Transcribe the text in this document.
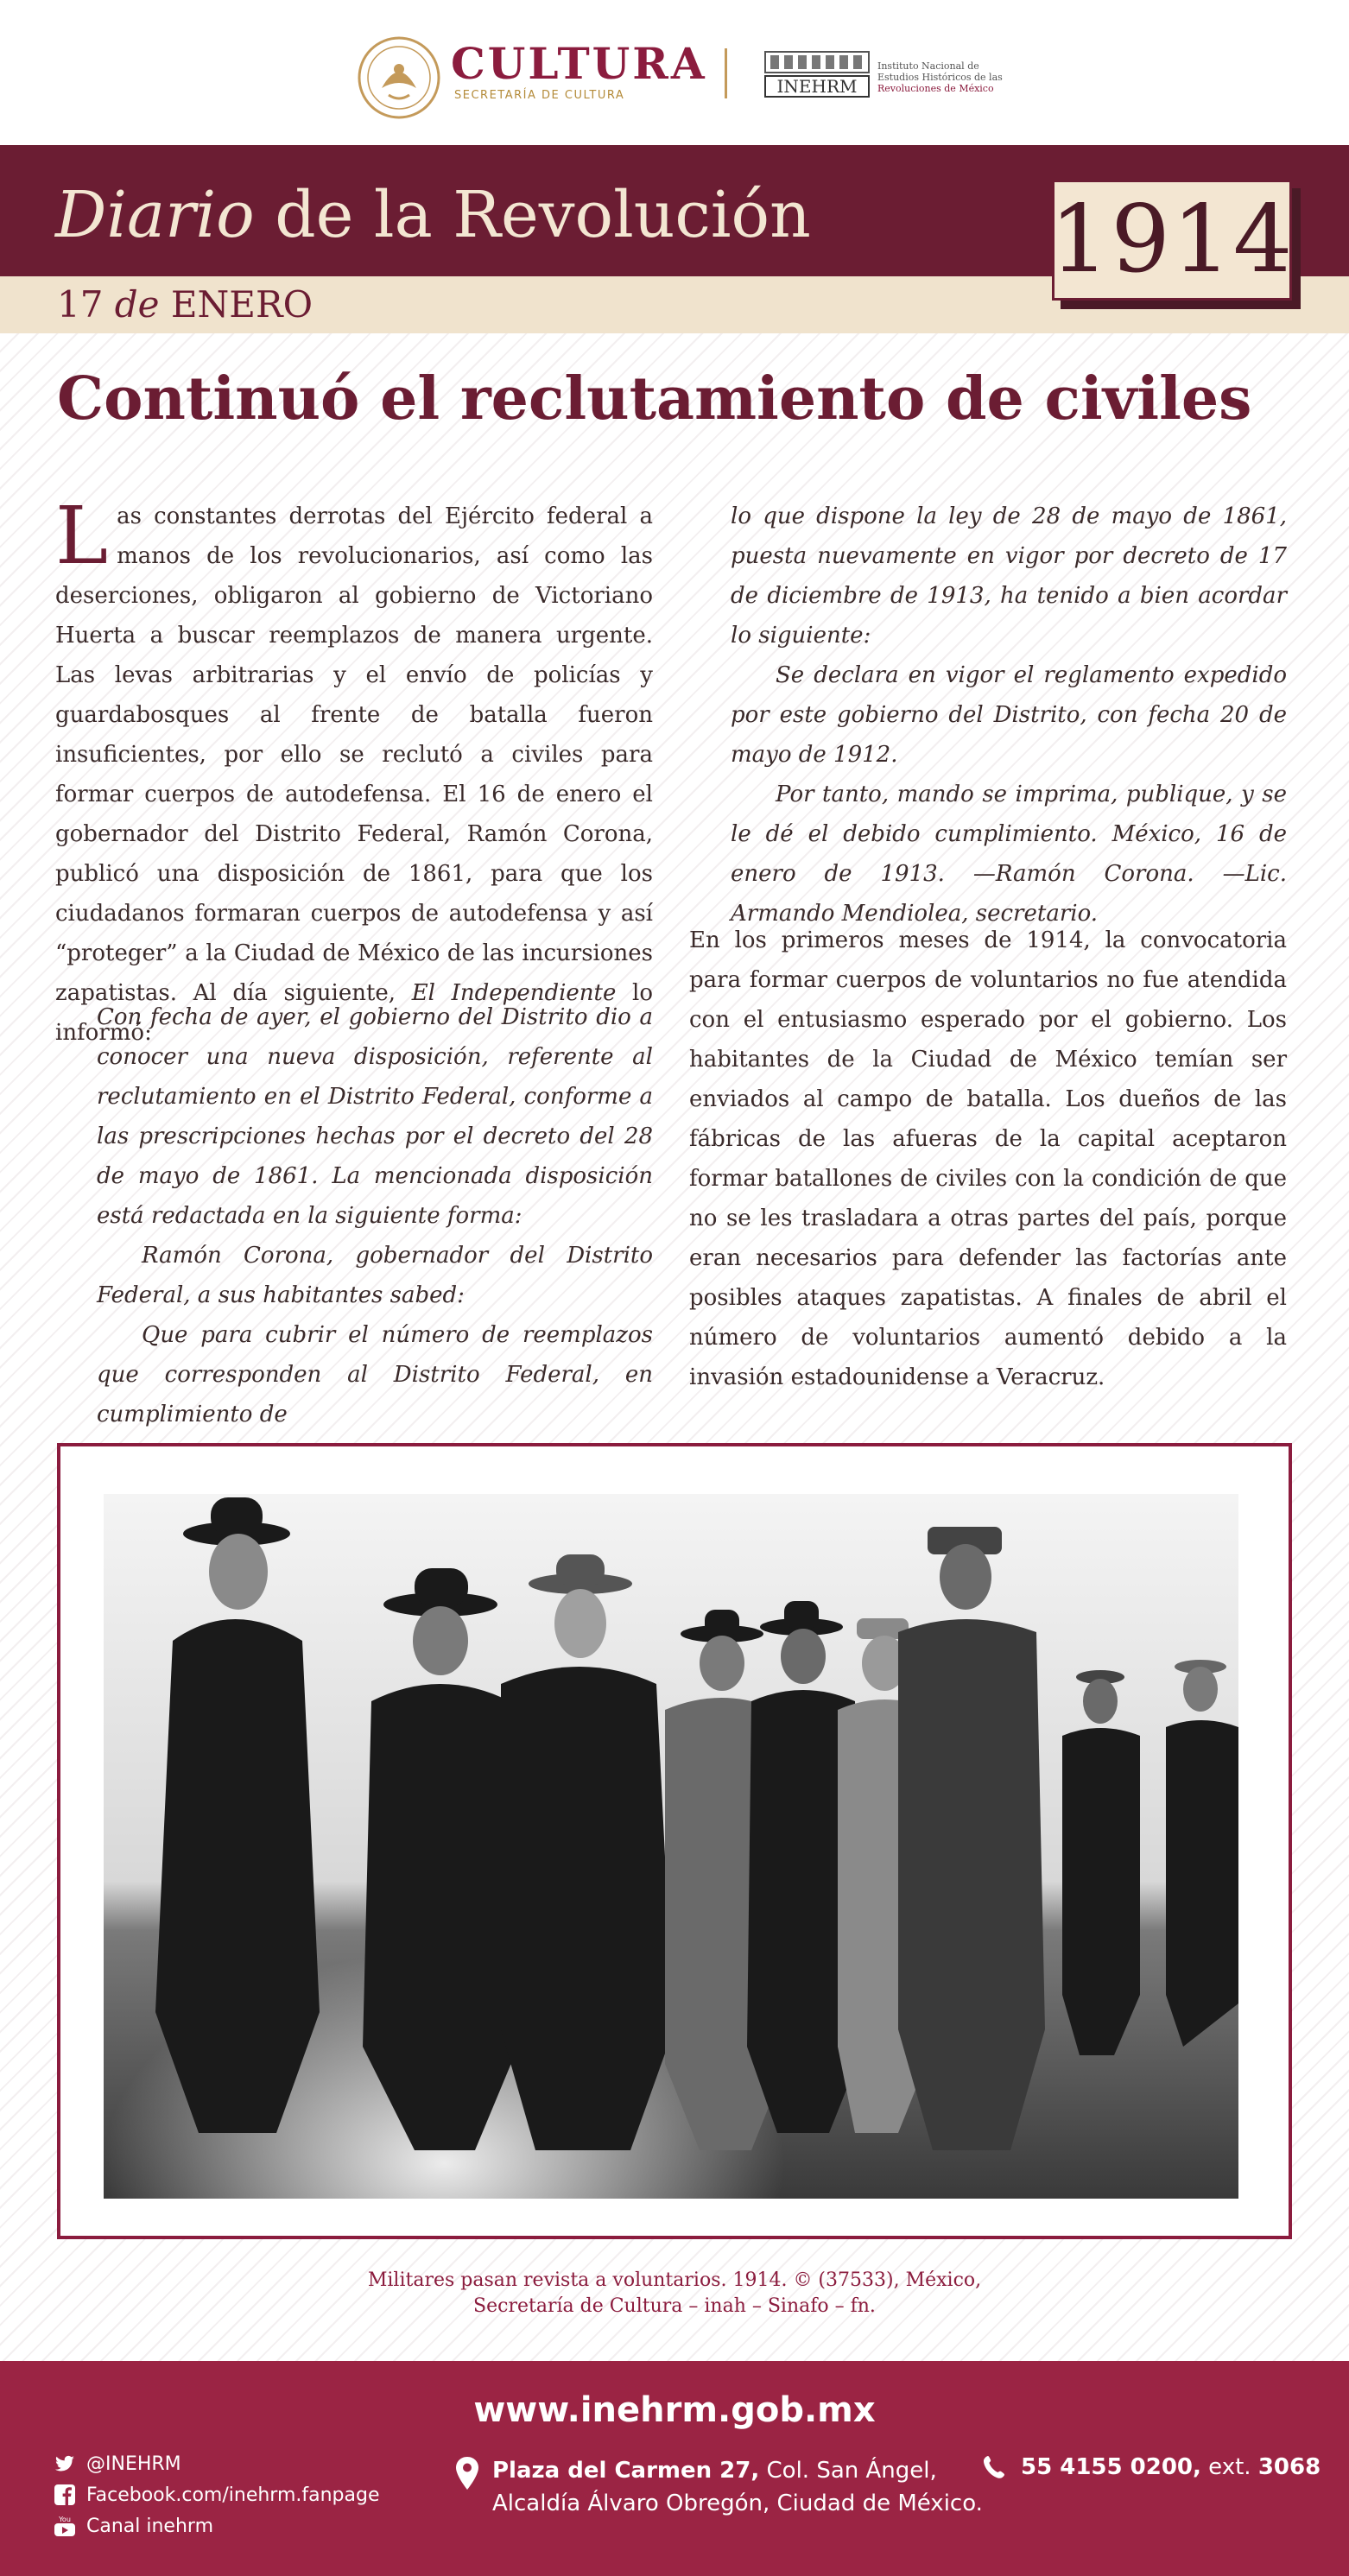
CULTURA
SECRETARÍA DE CULTURA	INEHRM
Instituto Nacional de
Estudios Históricos de las
Revoluciones de México
Diario de la Revolución
17 de ENERO
1914
Continuó el reclutamiento de civiles
Las constantes derrotas del Ejército federal a manos de los revolucionarios, así como las deserciones, obligaron al gobierno de Victoriano Huerta a buscar reemplazos de manera urgente. Las levas arbitrarias y el envío de policías y guardabosques al frente de batalla fueron insuficientes, por ello se reclutó a civiles para formar cuerpos de autodefensa. El 16 de enero el gobernador del Distrito Federal, Ramón Corona, publicó una disposición de 1861, para que los ciudadanos formaran cuerpos de autodefensa y así “proteger” a la Ciudad de México de las incursiones zapatistas. Al día siguiente, El Independiente lo informó:

Con fecha de ayer, el gobierno del Distrito dio a conocer una nueva disposición, referente al reclutamiento en el Distrito Federal, conforme a las prescripciones hechas por el decreto del 28 de mayo de 1861. La mencionada disposición está redactada en la siguiente forma:

Ramón Corona, gobernador del Distrito Federal, a sus habitantes sabed:

Que para cubrir el número de reemplazos que corresponden al Distrito Federal, en cumplimiento de

lo que dispone la ley de 28 de mayo de 1861, puesta nuevamente en vigor por decreto de 17 de diciembre de 1913, ha tenido a bien acordar lo siguiente:

Se declara en vigor el reglamento expedido por este gobierno del Distrito, con fecha 20 de mayo de 1912.

Por tanto, mando se imprima, publique, y se le dé el debido cumplimiento. México, 16 de enero de 1913. —Ramón Corona. —Lic. Armando Mendiolea, secretario.

En los primeros meses de 1914, la convocatoria para formar cuerpos de voluntarios no fue atendida con el entusiasmo esperado por el gobierno. Los habitantes de la Ciudad de México temían ser enviados al campo de batalla. Los dueños de las fábricas de las afueras de la capital aceptaron formar batallones de civiles con la condición de que no se les trasladara a otras partes del país, porque eran necesarios para defender las factorías ante posibles ataques zapatistas. A finales de abril el número de voluntarios aumentó debido a la invasión estadounidense a Veracruz.
Militares pasan revista a voluntarios. 1914. © (37533), México,
Secretaría de Cultura – inah – Sinafo – fn.
www.inehrm.gob.mx
@INEHRM
Facebook.com/inehrm.fanpage
You Canal inehrm
Plaza del Carmen 27, Col. San Ángel,
Alcaldía Álvaro Obregón, Ciudad de México.
55 4155 0200, ext. 3068
